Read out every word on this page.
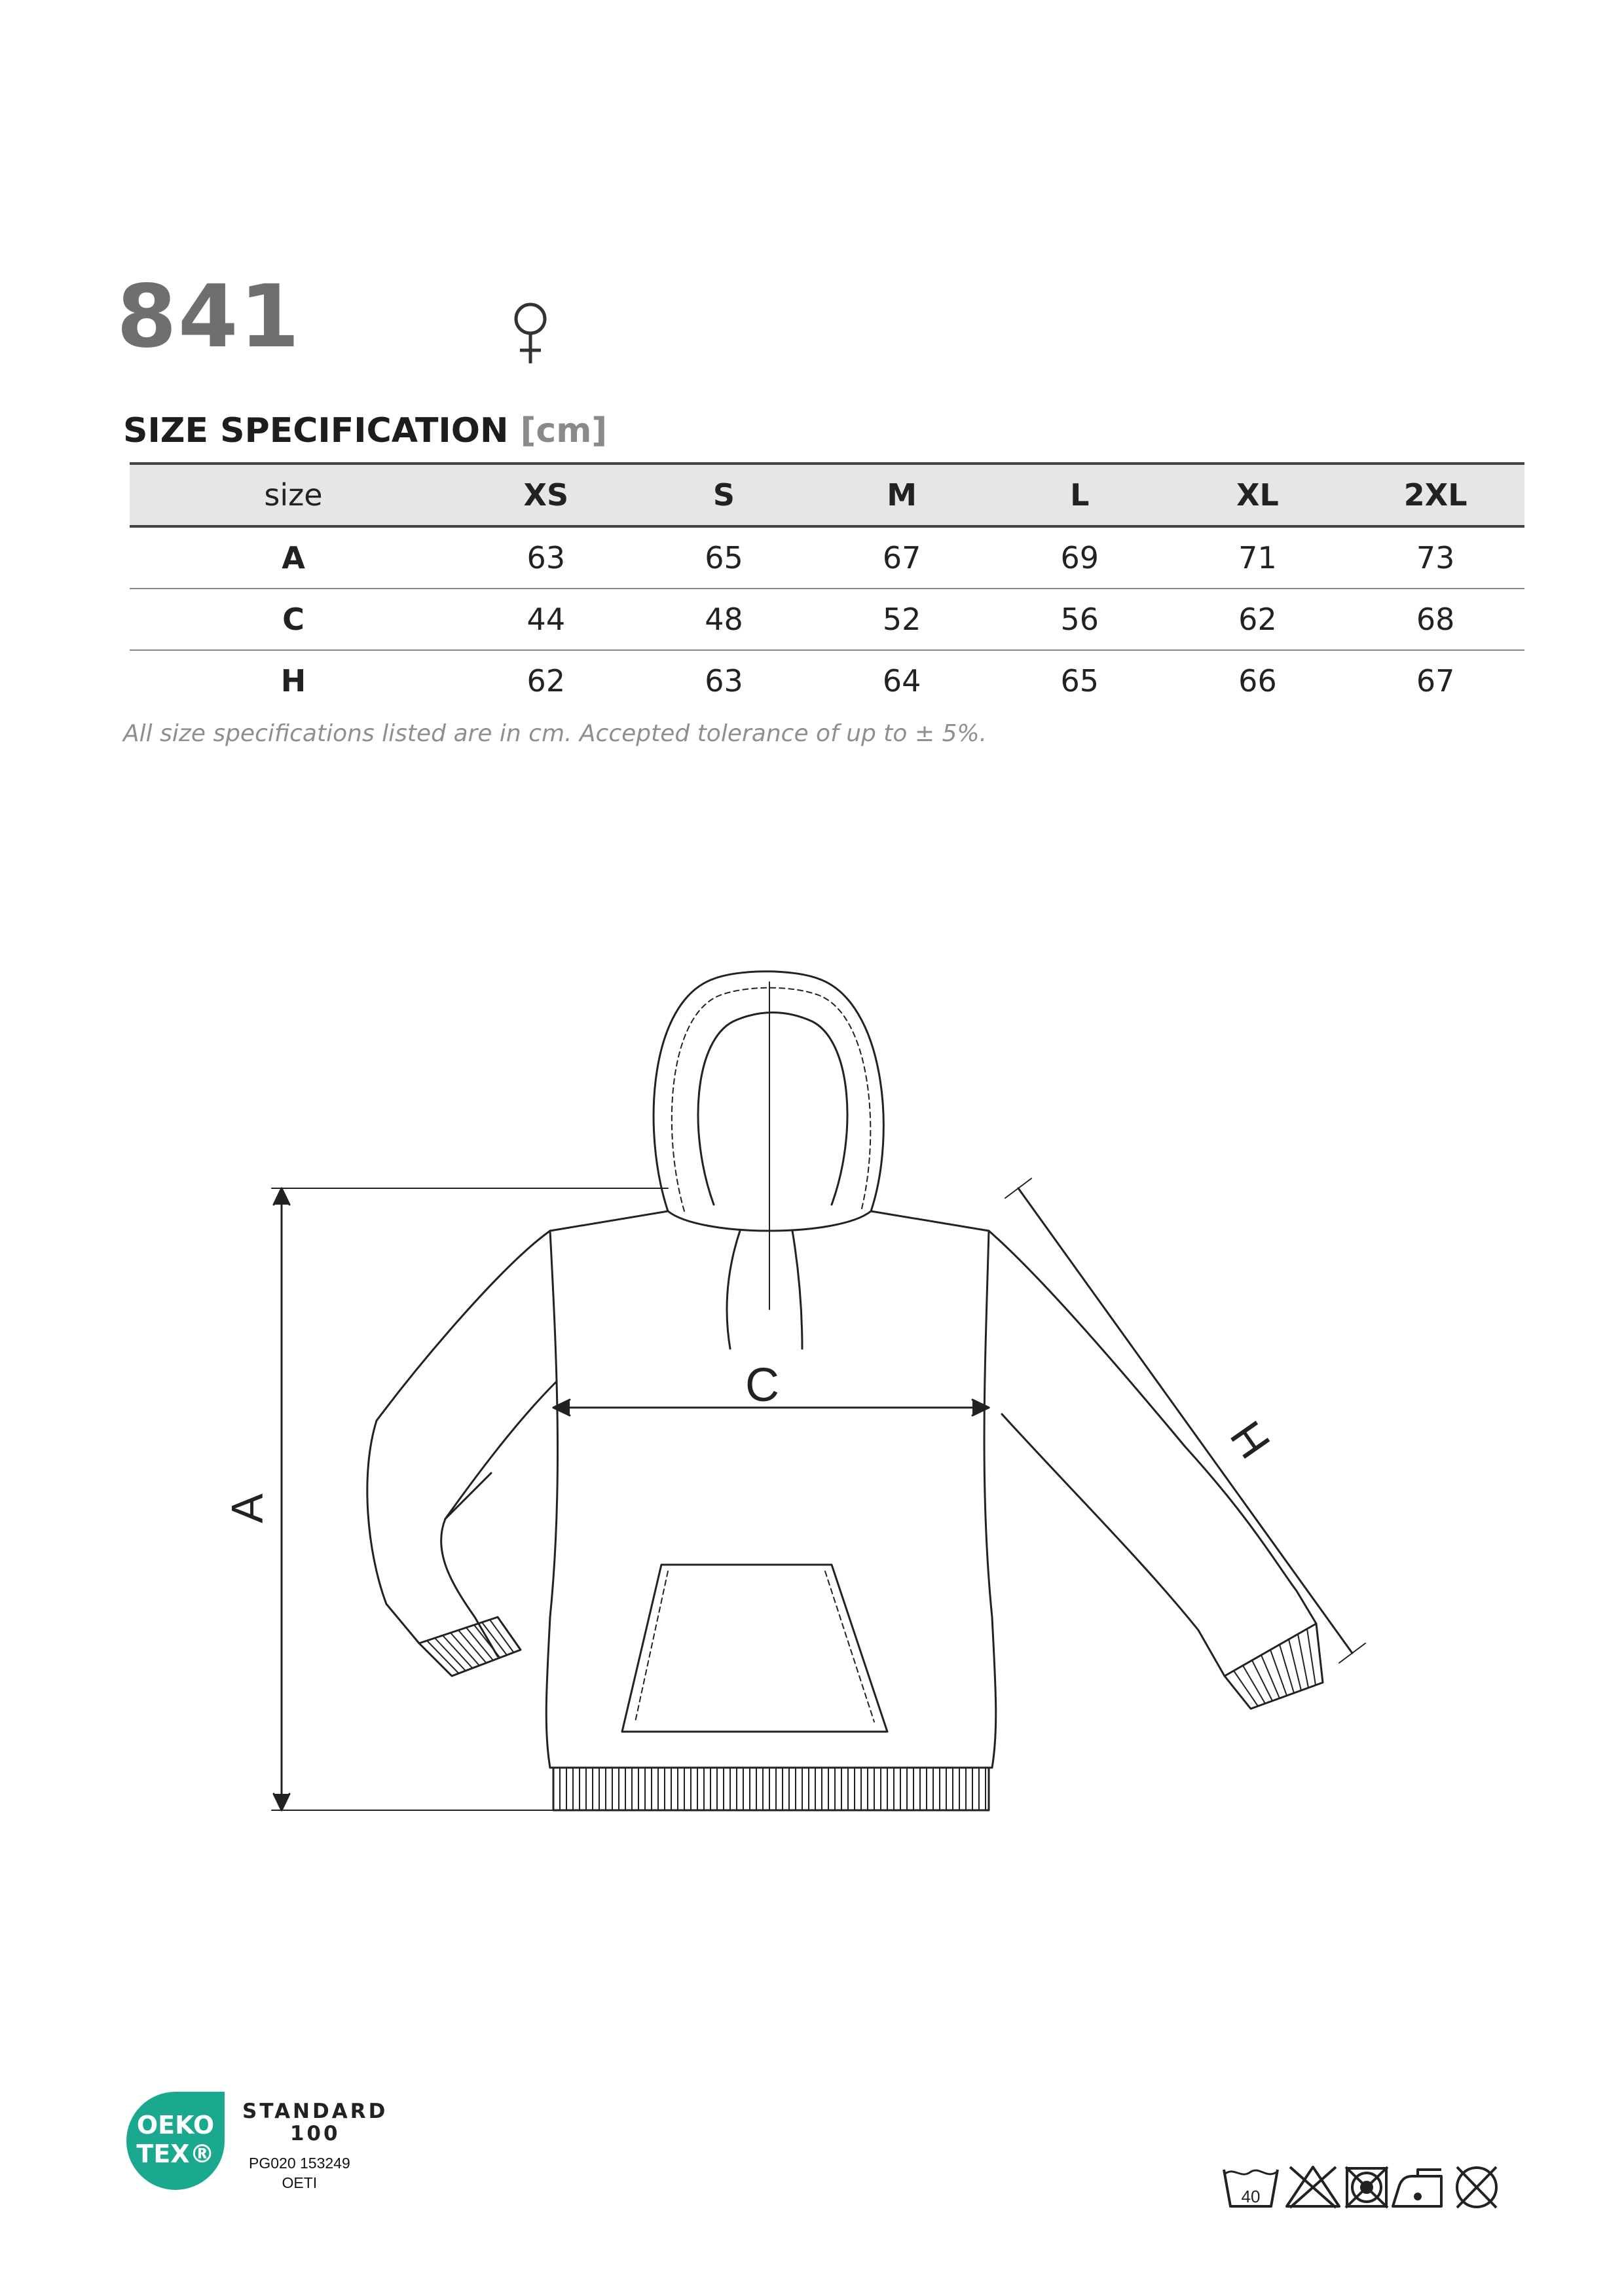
841
SIZE SPECIFICATION [cm]
size	XS	S	M	L	XL	2XL
A	63	65	67	69	71	73
C	44	48	52	56	62	68
H	62	63	64	65	66	67
All size specifications listed are in cm. Accepted tolerance of up to ± 5%.
A
C
H
OEKO
TEX®
STANDARD
100
PG020 153249
OETI
40
